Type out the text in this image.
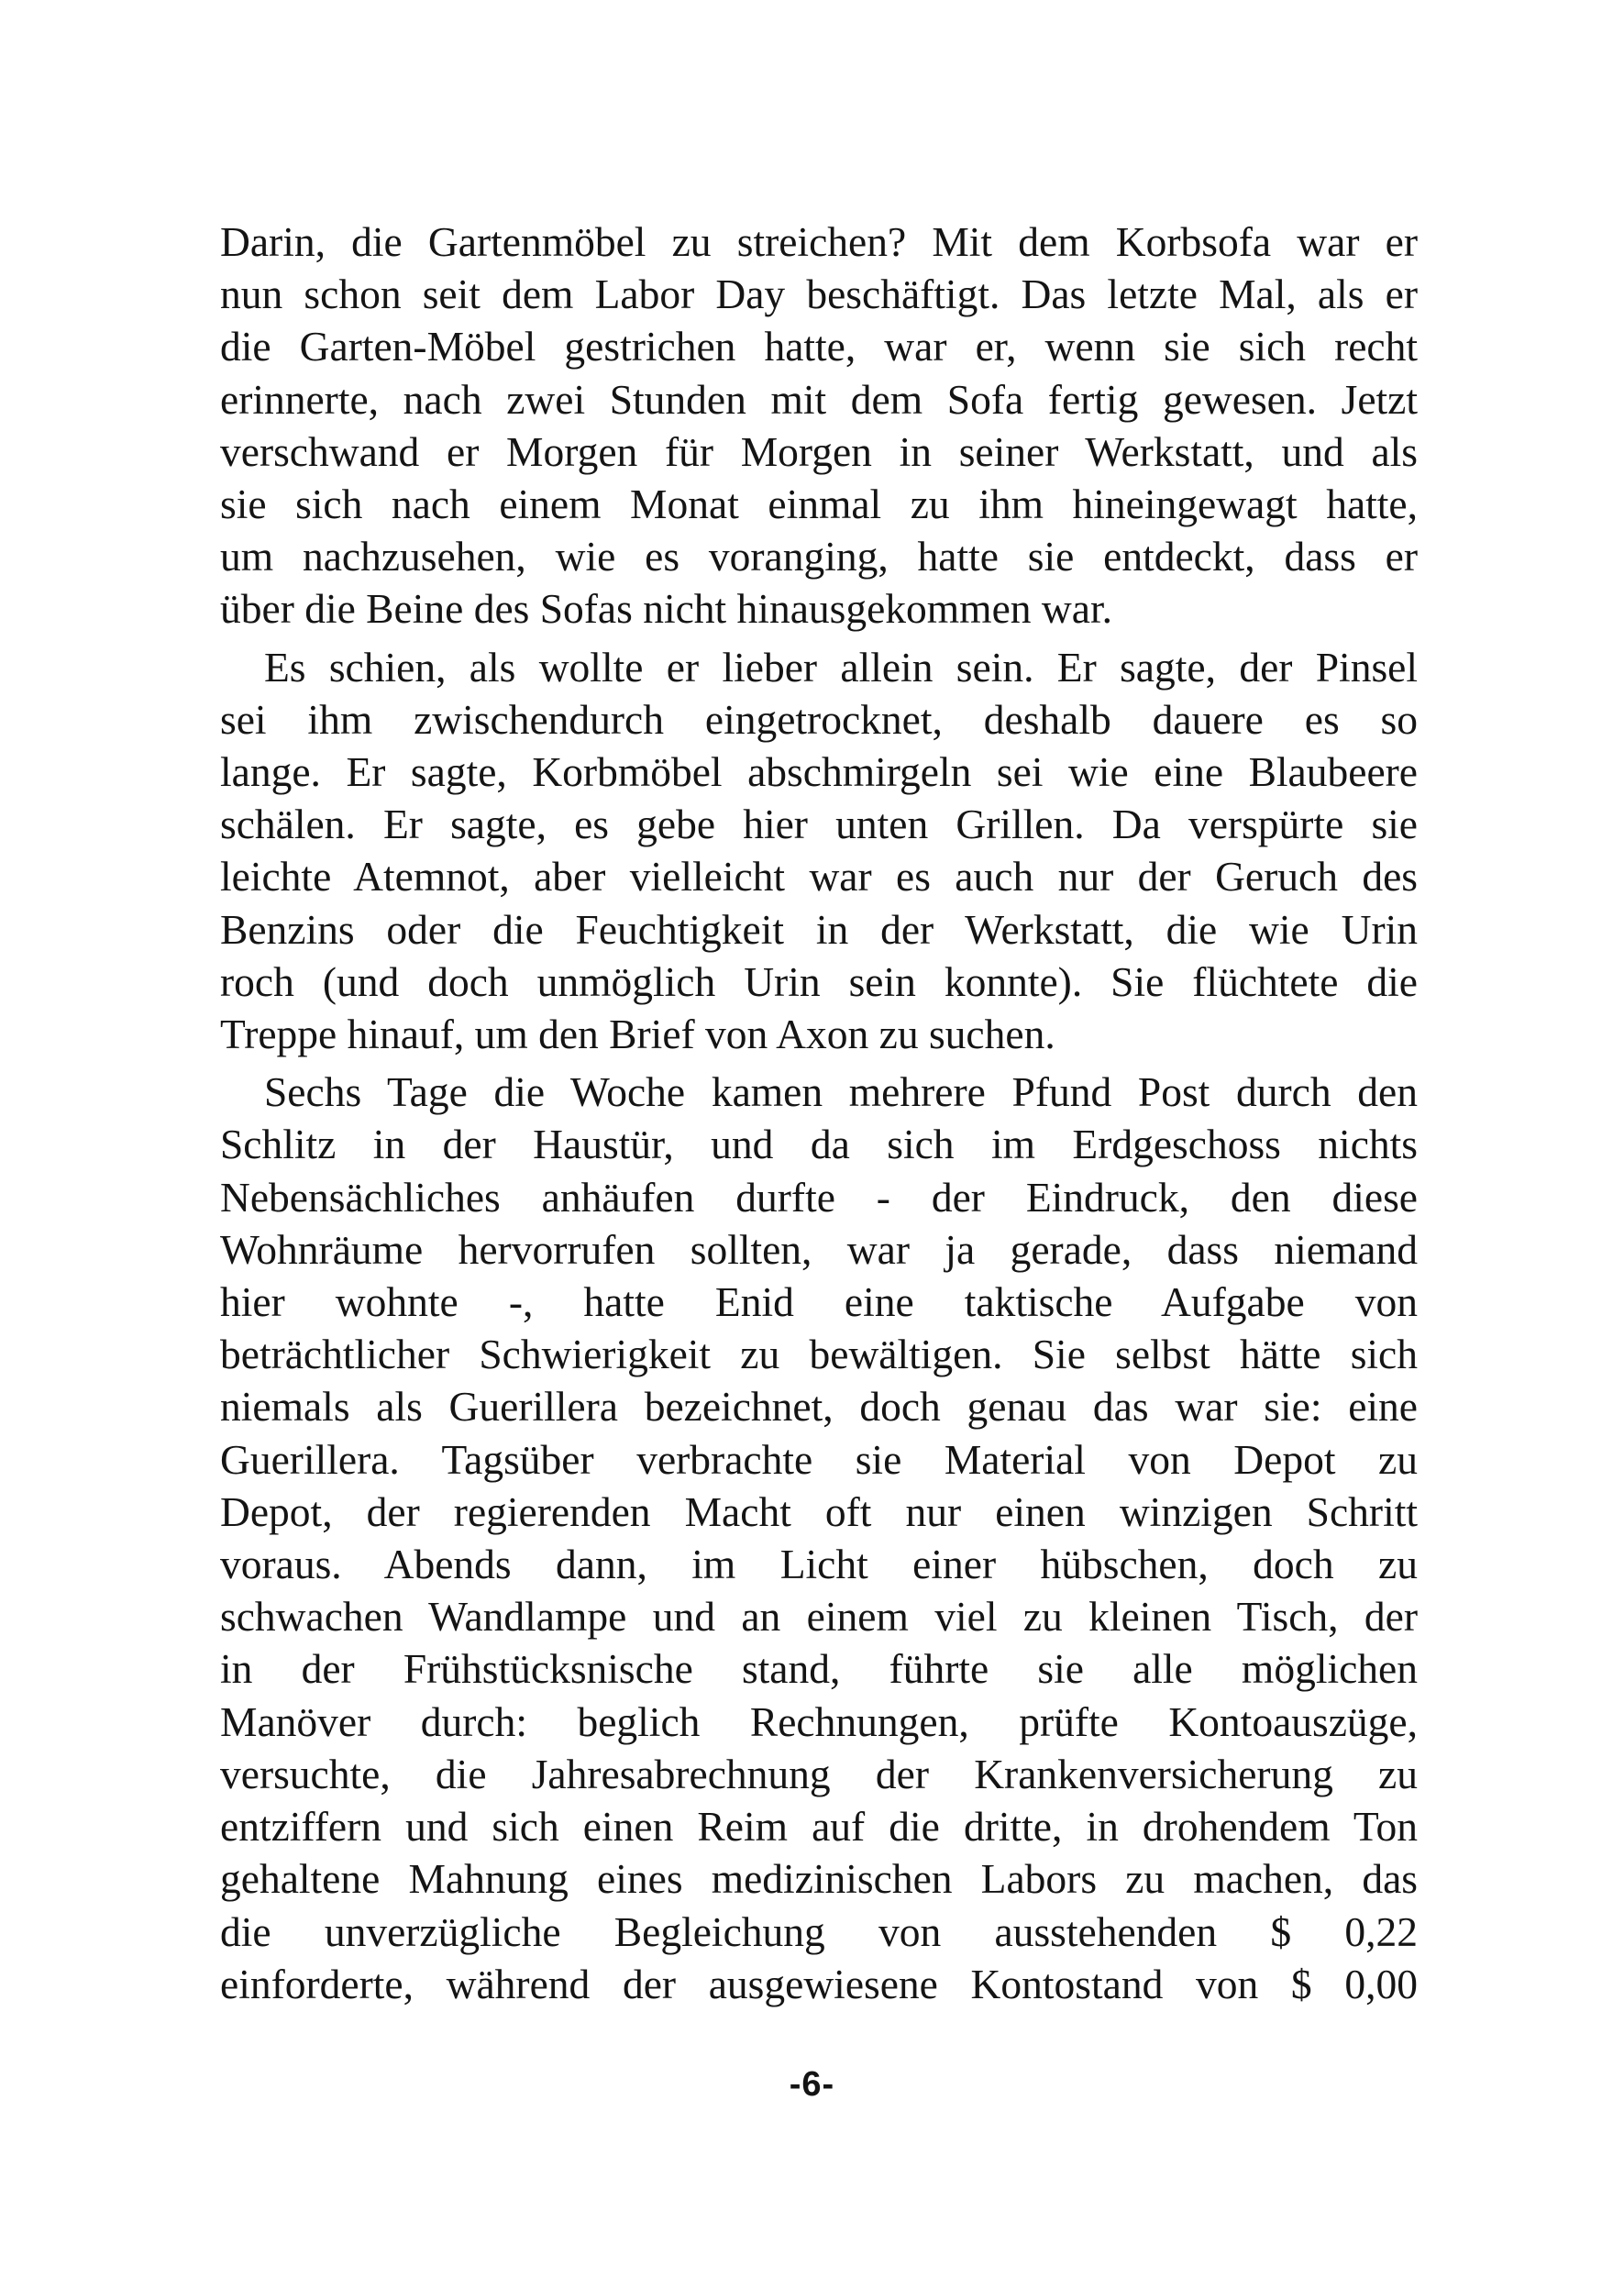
Darin, die Gartenmöbel zu streichen? Mit dem Korbsofa war er
nun schon seit dem Labor Day beschäftigt. Das letzte Mal, als er
die Garten-Möbel gestrichen hatte, war er, wenn sie sich recht
erinnerte, nach zwei Stunden mit dem Sofa fertig gewesen. Jetzt
verschwand er Morgen für Morgen in seiner Werkstatt, und als
sie sich nach einem Monat einmal zu ihm hineingewagt hatte,
um nachzusehen, wie es voranging, hatte sie entdeckt, dass er
über die Beine des Sofas nicht hinausgekommen war.
Es schien, als wollte er lieber allein sein. Er sagte, der Pinsel
sei ihm zwischendurch eingetrocknet, deshalb dauere es so
lange. Er sagte, Korbmöbel abschmirgeln sei wie eine Blaubeere
schälen. Er sagte, es gebe hier unten Grillen. Da verspürte sie
leichte Atemnot, aber vielleicht war es auch nur der Geruch des
Benzins oder die Feuchtigkeit in der Werkstatt, die wie Urin
roch (und doch unmöglich Urin sein konnte). Sie flüchtete die
Treppe hinauf, um den Brief von Axon zu suchen.
Sechs Tage die Woche kamen mehrere Pfund Post durch den
Schlitz in der Haustür, und da sich im Erdgeschoss nichts
Nebensächliches anhäufen durfte - der Eindruck, den diese
Wohnräume hervorrufen sollten, war ja gerade, dass niemand
hier wohnte -, hatte Enid eine taktische Aufgabe von
beträchtlicher Schwierigkeit zu bewältigen. Sie selbst hätte sich
niemals als Guerillera bezeichnet, doch genau das war sie: eine
Guerillera. Tagsüber verbrachte sie Material von Depot zu
Depot, der regierenden Macht oft nur einen winzigen Schritt
voraus. Abends dann, im Licht einer hübschen, doch zu
schwachen Wandlampe und an einem viel zu kleinen Tisch, der
in der Frühstücksnische stand, führte sie alle möglichen
Manöver durch: beglich Rechnungen, prüfte Kontoauszüge,
versuchte, die Jahresabrechnung der Krankenversicherung zu
entziffern und sich einen Reim auf die dritte, in drohendem Ton
gehaltene Mahnung eines medizinischen Labors zu machen, das
die unverzügliche Begleichung von ausstehenden $ 0,22
einforderte, während der ausgewiesene Kontostand von $ 0,00
-6-
